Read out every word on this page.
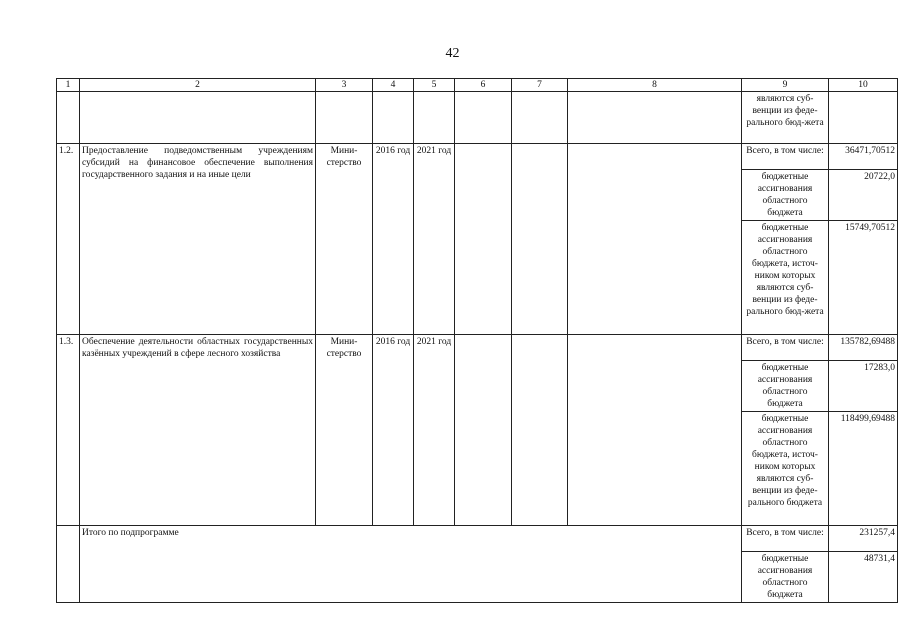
42
1	2	3	4	5	6	7	8	9	10
								являются суб-венции из феде-рального бюд-жета	
1.2.	Предоставление подведомственным учреждениям субсидий на финансовое обеспечение выполнения государственного задания и на иные цели	Мини-стерство	2016 год	2021 год				Всего, в том числе:	36471,70512
								бюджетные ассигнования областного бюджета	20722,0
								бюджетные ассигнования областного бюджета, источ-ником которых являются суб-венции из феде-рального бюд-жета	15749,70512
1.3.	Обеспечение деятельности областных государственных казённых учреждений в сфере лесного хозяйства	Мини-стерство	2016 год	2021 год				Всего, в том числе:	135782,69488
								бюджетные ассигнования областного бюджета	17283,0
								бюджетные ассигнования областного бюджета, источ-ником которых являются суб-венции из феде-рального бюджета	118499,69488
	Итого по подпрограмме							Всего, в том числе:	231257,4
								бюджетные ассигнования областного бюджета	48731,4
